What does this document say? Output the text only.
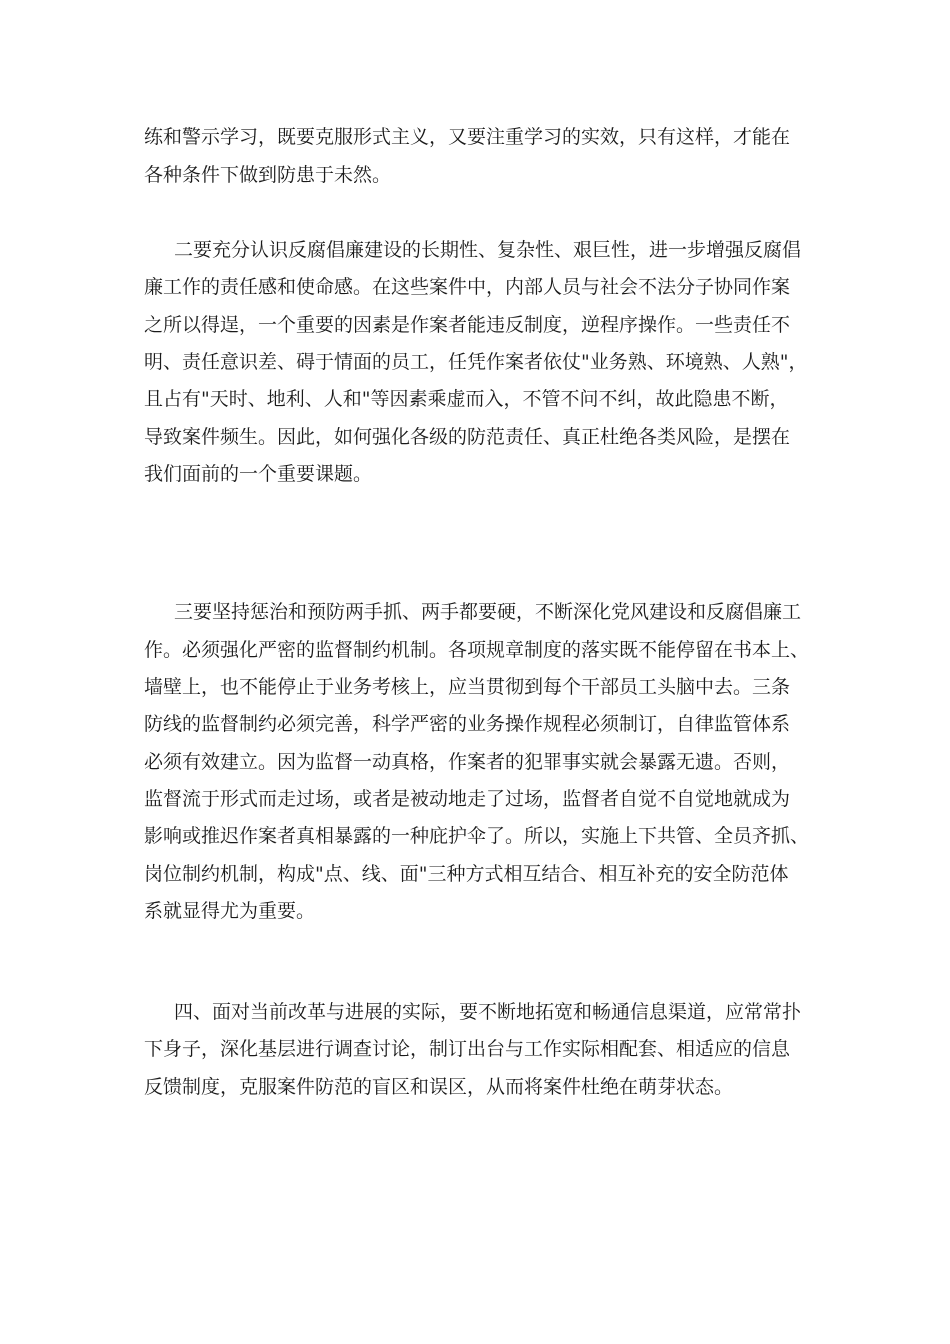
练和警示学习，既要克服形式主义，又要注重学习的实效，只有这样，才能在
各种条件下做到防患于未然。
二要充分认识反腐倡廉建设的长期性、复杂性、艰巨性，进一步增强反腐倡
廉工作的责任感和使命感。在这些案件中，内部人员与社会不法分子协同作案
之所以得逞，一个重要的因素是作案者能违反制度，逆程序操作。一些责任不
明、责任意识差、碍于情面的员工，任凭作案者依仗"业务熟、环境熟、人熟"，
且占有"天时、地利、人和"等因素乘虚而入，不管不问不纠，故此隐患不断，
导致案件频生。因此，如何强化各级的防范责任、真正杜绝各类风险，是摆在
我们面前的一个重要课题。
三要坚持惩治和预防两手抓、两手都要硬，不断深化党风建设和反腐倡廉工
作。必须强化严密的监督制约机制。各项规章制度的落实既不能停留在书本上、
墙壁上，也不能停止于业务考核上，应当贯彻到每个干部员工头脑中去。三条
防线的监督制约必须完善，科学严密的业务操作规程必须制订，自律监管体系
必须有效建立。因为监督一动真格，作案者的犯罪事实就会暴露无遗。否则，
监督流于形式而走过场，或者是被动地走了过场，监督者自觉不自觉地就成为
影响或推迟作案者真相暴露的一种庇护伞了。所以，实施上下共管、全员齐抓、
岗位制约机制，构成"点、线、面"三种方式相互结合、相互补充的安全防范体
系就显得尤为重要。
四、面对当前改革与进展的实际，要不断地拓宽和畅通信息渠道，应常常扑
下身子，深化基层进行调查讨论，制订出台与工作实际相配套、相适应的信息
反馈制度，克服案件防范的盲区和误区，从而将案件杜绝在萌芽状态。
